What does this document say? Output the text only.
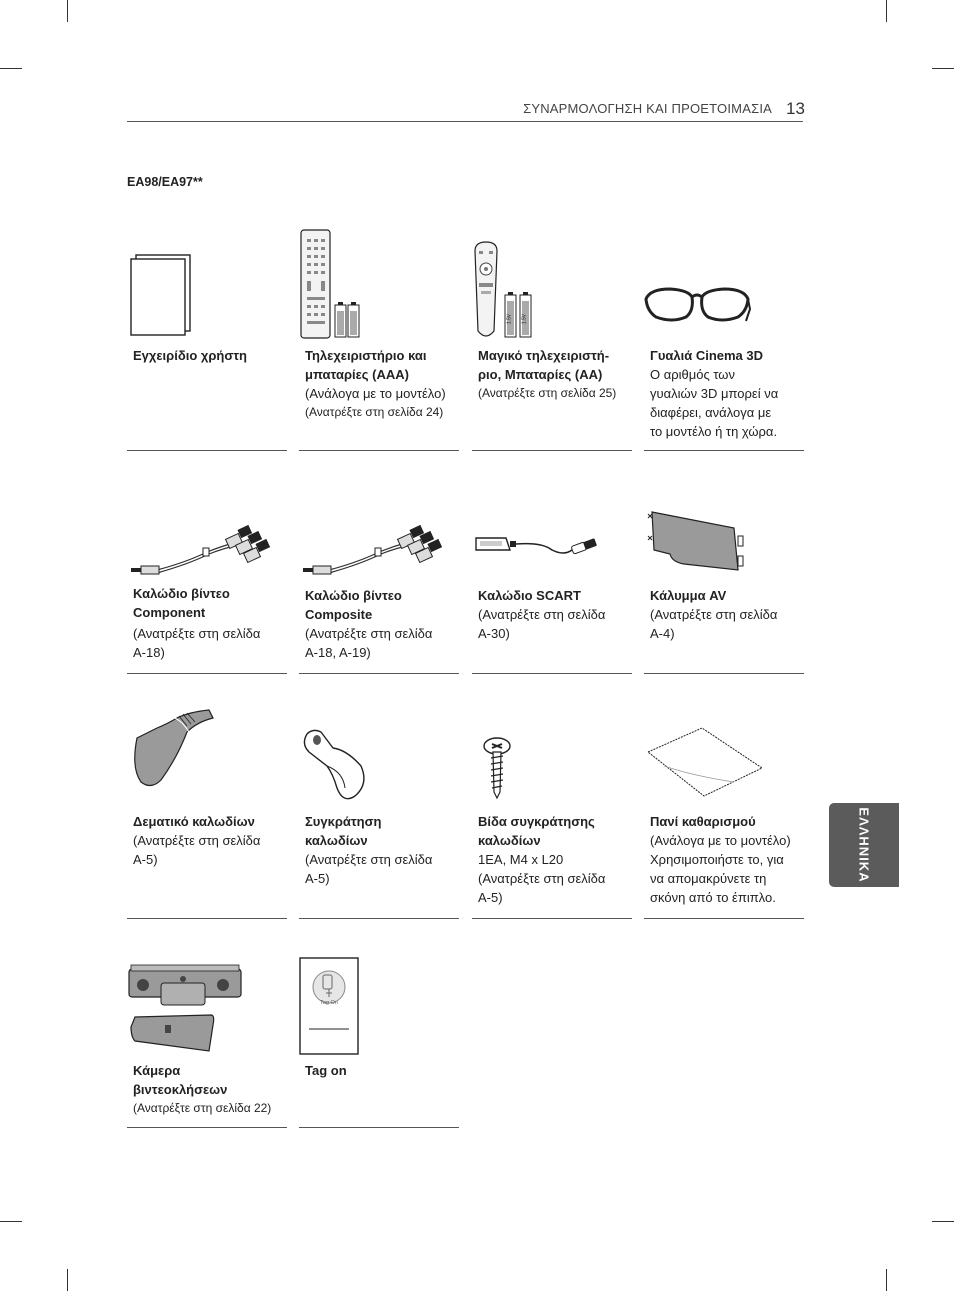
ΣΥΝΑΡΜΟΛΟΓΗΣΗ ΚΑΙ ΠΡΟΕΤΟΙΜΑΣΙΑ 13
EA98/EA97**
ΕΛΛΗΝΙΚΑ
Εγχειρίδιο χρήστη	Τηλεχειριστήριο και
μπαταρίες (AAA)
(Ανάλογα με το μοντέλο)
(Ανατρέξτε στη σελίδα 24)
1.5V 1.5V
Μαγικό τηλεχειριστή-
ριο, Μπαταρίες (AA)
(Ανατρέξτε στη σελίδα 25)
Γυαλιά Cinema 3D
Ο αριθμός των
γυαλιών 3D μπορεί να
διαφέρει, ανάλογα με
το μοντέλο ή τη χώρα.
Καλώδιο βίντεο
Component
(Ανατρέξτε στη σελίδα
A-18)
Καλώδιο βίντεο
Composite
(Ανατρέξτε στη σελίδα
A-18, A-19)
Καλώδιο SCART
(Ανατρέξτε στη σελίδα
A-30)
Κάλυμμα AV
(Ανατρέξτε στη σελίδα
A-4)
Δεματικό καλωδίων
(Ανατρέξτε στη σελίδα
A-5)
Συγκράτηση
καλωδίων
(Ανατρέξτε στη σελίδα
A-5)
Βίδα συγκράτησης
καλωδίων
1EA, M4 x L20
(Ανατρέξτε στη σελίδα
A-5)
Πανί καθαρισμού
(Ανάλογα με το μοντέλο)
Χρησιμοποιήστε το, για
να απομακρύνετε τη
σκόνη από το έπιπλο.
Κάμερα
βιντεοκλήσεων
(Ανατρέξτε στη σελίδα 22)
Tag On
Tag on
